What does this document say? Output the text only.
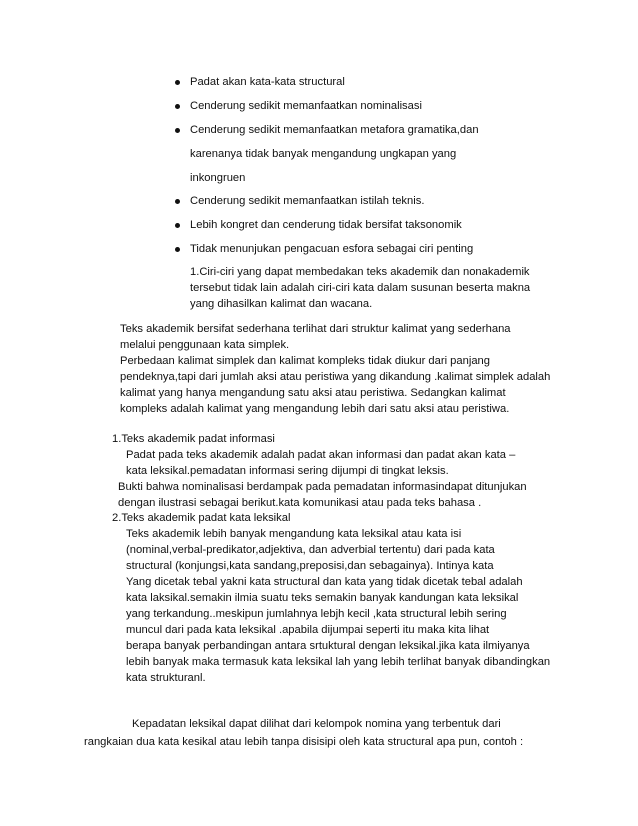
Padat akan kata-kata structural
Cenderung sedikit memanfaatkan nominalisasi
Cenderung sedikit memanfaatkan metafora gramatika,dan
karenanya tidak banyak mengandung ungkapan yang
inkongruen
Cenderung sedikit memanfaatkan istilah teknis.
Lebih kongret dan cenderung tidak bersifat taksonomik
Tidak menunjukan pengacuan esfora sebagai ciri penting
1.Ciri-ciri yang dapat membedakan teks akademik dan nonakademik
tersebut tidak lain adalah ciri-ciri kata dalam susunan beserta makna
yang dihasilkan kalimat dan wacana.
Teks akademik bersifat sederhana terlihat dari struktur kalimat yang sederhana
melalui penggunaan kata simplek.
Perbedaan kalimat simplek dan kalimat kompleks tidak diukur dari panjang
pendeknya,tapi dari jumlah aksi atau peristiwa yang dikandung .kalimat simplek adalah
kalimat yang hanya mengandung satu aksi atau peristiwa. Sedangkan kalimat
kompleks adalah kalimat yang mengandung lebih dari satu aksi atau peristiwa.
1.Teks akademik padat informasi
Padat pada teks akademik adalah padat akan informasi dan padat akan kata –
kata leksikal.pemadatan informasi sering dijumpi di tingkat leksis.
Bukti bahwa nominalisasi berdampak pada pemadatan informasindapat ditunjukan
dengan ilustrasi sebagai berikut.kata komunikasi atau pada teks bahasa .
2.Teks akademik padat kata leksikal
Teks akademik lebih banyak mengandung kata leksikal atau kata isi
(nominal,verbal-predikator,adjektiva, dan adverbial tertentu) dari pada kata
structural (konjungsi,kata sandang,preposisi,dan sebagainya). Intinya kata
Yang dicetak tebal yakni kata structural dan kata yang tidak dicetak tebal adalah
kata laksikal.semakin ilmia suatu teks semakin banyak kandungan kata leksikal
yang terkandung..meskipun jumlahnya lebjh kecil ,kata structural lebih sering
muncul dari pada kata leksikal .apabila dijumpai seperti itu maka kita lihat
berapa banyak perbandingan antara srtuktural dengan leksikal.jika kata ilmiyanya
lebih banyak maka termasuk kata leksikal lah yang lebih terlihat banyak dibandingkan
kata strukturanl.
Kepadatan leksikal dapat dilihat dari kelompok nomina yang terbentuk dari
rangkaian dua kata kesikal atau lebih tanpa disisipi oleh kata structural apa pun, contoh :
